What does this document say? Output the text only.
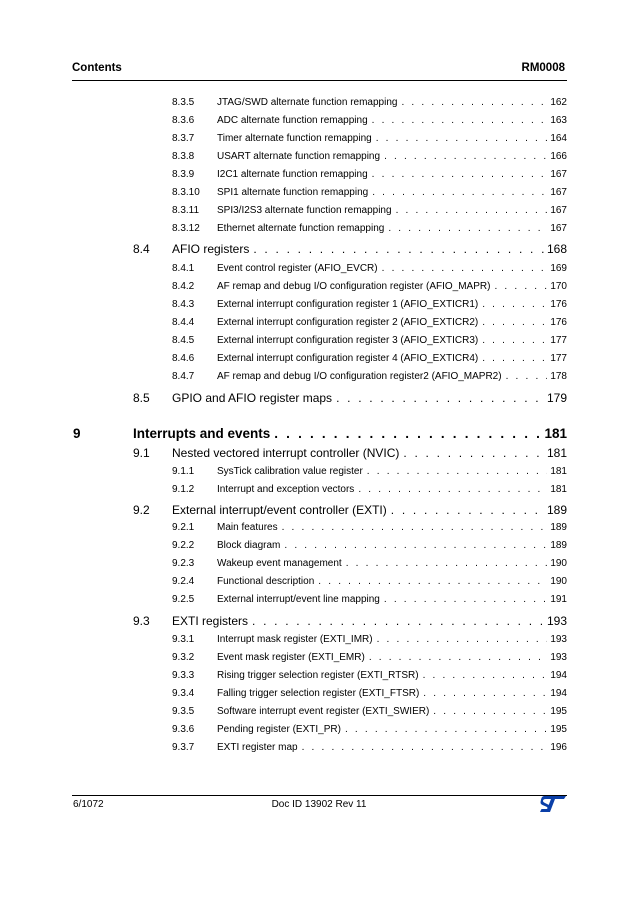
Contents	RM0008
8.3.5 JTAG/SWD alternate function remapping . . .	162
8.3.6 ADC alternate function remapping . . .	163
8.3.7 Timer alternate function remapping . . .	164
8.3.8 USART alternate function remapping . . .	166
8.3.9 I2C1 alternate function remapping . . .	167
8.3.10 SPI1 alternate function remapping . . .	167
8.3.11 SPI3/I2S3 alternate function remapping . . .	167
8.3.12 Ethernet alternate function remapping . . .	167
8.4 AFIO registers . . .	168
8.4.1 Event control register (AFIO_EVCR) . . .	169
8.4.2 AF remap and debug I/O configuration register (AFIO_MAPR) . . .	170
8.4.3 External interrupt configuration register 1 (AFIO_EXTICR1) . . .	176
8.4.4 External interrupt configuration register 2 (AFIO_EXTICR2) . . .	176
8.4.5 External interrupt configuration register 3 (AFIO_EXTICR3) . . .	177
8.4.6 External interrupt configuration register 4 (AFIO_EXTICR4) . . .	177
8.4.7 AF remap and debug I/O configuration register2 (AFIO_MAPR2) . . .	178
8.5 GPIO and AFIO register maps . . .	179
9	Interrupts and events . . .	181
9.1 Nested vectored interrupt controller (NVIC) . . .	181
9.1.1 SysTick calibration value register . . .	181
9.1.2 Interrupt and exception vectors . . .	181
9.2 External interrupt/event controller (EXTI) . . .	189
9.2.1 Main features . . .	189
9.2.2 Block diagram . . .	189
9.2.3 Wakeup event management . . .	190
9.2.4 Functional description . . .	190
9.2.5 External interrupt/event line mapping . . .	191
9.3 EXTI registers . . .	193
9.3.1 Interrupt mask register (EXTI_IMR) . . .	193
9.3.2 Event mask register (EXTI_EMR) . . .	193
9.3.3 Rising trigger selection register (EXTI_RTSR) . . .	194
9.3.4 Falling trigger selection register (EXTI_FTSR) . . .	194
9.3.5 Software interrupt event register (EXTI_SWIER) . . .	195
9.3.6 Pending register (EXTI_PR) . . .	195
9.3.7 EXTI register map . . .	196
6/1072	Doc ID 13902 Rev 11
